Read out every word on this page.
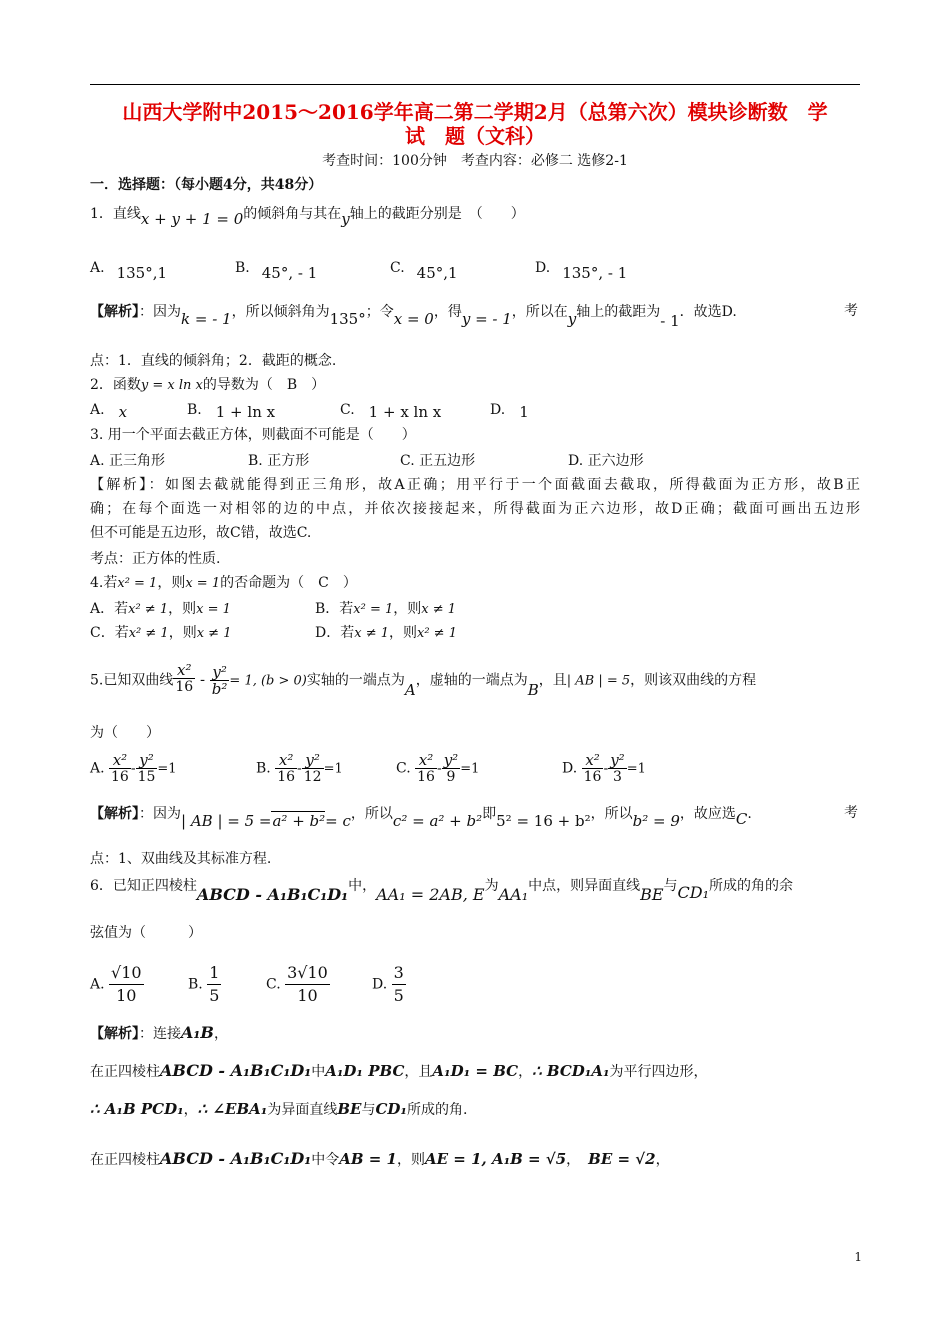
山西大学附中2015～2016学年高二第二学期2月（总第六次）模块诊断数　学
试　题（文科）
考查时间：100分钟　考查内容：必修二 选修2-1
一．选择题：（每小题4分，共48分）
1．直线x + y + 1 = 0的倾斜角与其在y轴上的截距分别是　（　　）
A. 135°,1	B. 45°, - 1	C. 45°,1	D. 135°, - 1
【解析】：因为k = - 1，所以倾斜角为135°；令x = 0，得y = - 1，所以在y轴上的截距为- 1．故选D.	考
点：1．直线的倾斜角；2．截距的概念.
2．函数y = x ln x的导数为（　B　）
A. x	B. 1 + ln x	C. 1 + x ln x	D. 1
3. 用一个平面去截正方体，则截面不可能是（　　）
A. 正三角形	B. 正方形	C. 正五边形	D. 正六边形
【解析】：如图去截就能得到正三角形，故A正确；用平行于一个面截面去截取，所得截面为正方形，故B正
确；在每个面选一对相邻的边的中点，并依次接接起来，所得截面为正六边形，故D正确；截面可画出五边形
但不可能是五边形，故C错，故选C.
考点：正方体的性质.
4.若x² = 1，则x = 1的否命题为（　C　）
A．若x² ≠ 1，则x = 1	B．若x² = 1，则x ≠ 1
C．若x² ≠ 1，则x ≠ 1	D．若x ≠ 1，则x² ≠ 1
5.已知双曲线 $\frac{\text{x²}}{16} - \frac{\text{y²}}{\text{b²}} = 1$, (b > 0)实轴的一端点为A，虚轴的一端点为B，且| AB | = 5，则该双曲线的方程
为（　　）
A. $\frac{\text{x²}}{16} - \frac{\text{y²}}{15} =1$	B. $\frac{\text{x²}}{16} - \frac{\text{y²}}{12} =1$	C. $\frac{\text{x²}}{16} - \frac{\text{y²}}{9} =1$	D. $\frac{\text{x²}}{16} - \frac{\text{y²}}{3} =1$
【解析】：因为| AB | = 5 =a² + b²= c，所以c² = a² + b²即5² = 16 + b²，所以b² = 9，故应选C.	考
点：1、双曲线及其标准方程.
6．已知正四棱柱ABCD - A₁B₁C₁D₁中，AA₁ = 2AB, E为AA₁中点，则异面直线BE与CD₁所成的角的余
弦值为（　　　）
A. $\frac{√10}{10}$	B. $\frac{1}{5}$	C. $\frac{3√10}{10}$	D. $\frac{3}{5}$
【解析】：连接A₁B，
在正四棱柱ABCD - A₁B₁C₁D₁中A₁D₁ PBC，且A₁D₁ = BC，∴ BCD₁A₁为平行四边形，
∴ A₁B PCD₁，∴ ∠EBA₁为异面直线BE与CD₁所成的角.
在正四棱柱ABCD - A₁B₁C₁D₁中令AB = 1，则AE = 1, A₁B = √5， BE = √2，
1
